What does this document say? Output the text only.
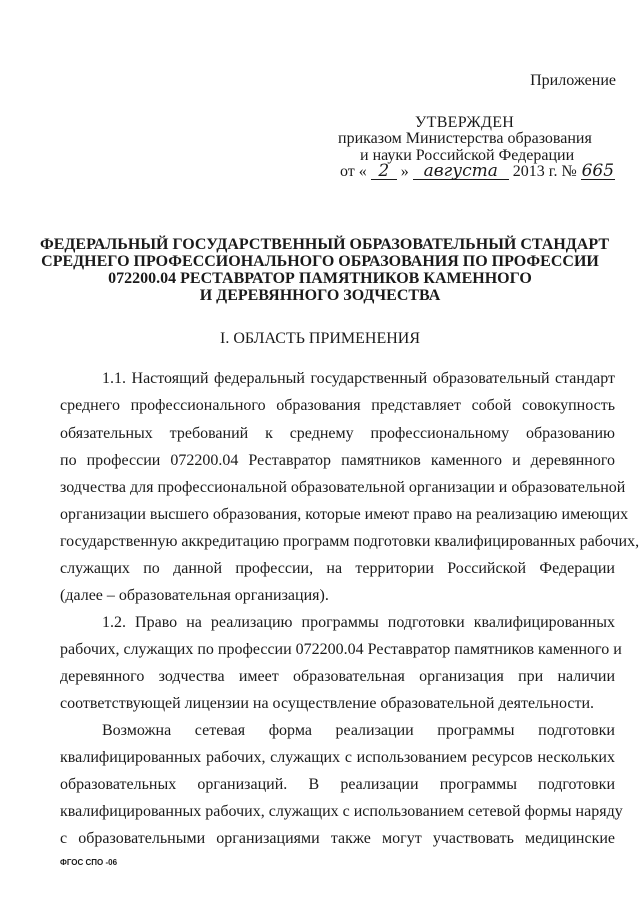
Приложение
УТВЕРЖДЕН
приказом Министерства образования
и науки Российской Федерации
от « 2 » августа 2013 г. № 665
ФЕДЕРАЛЬНЫЙ ГОСУДАРСТВЕННЫЙ ОБРАЗОВАТЕЛЬНЫЙ СТАНДАРТ
СРЕДНЕГО ПРОФЕССИОНАЛЬНОГО ОБРАЗОВАНИЯ ПО ПРОФЕССИИ
072200.04 РЕСТАВРАТОР ПАМЯТНИКОВ КАМЕННОГО
И ДЕРЕВЯННОГО ЗОДЧЕСТВА
I. ОБЛАСТЬ ПРИМЕНЕНИЯ
1.1. Настоящий федеральный государственный образовательный стандарт
среднего профессионального образования представляет собой совокупность
обязательных требований к среднему профессиональному образованию
по профессии 072200.04 Реставратор памятников каменного и деревянного
зодчества для профессиональной образовательной организации и образовательной
организации высшего образования, которые имеют право на реализацию имеющих
государственную аккредитацию программ подготовки квалифицированных рабочих,
служащих по данной профессии, на территории Российской Федерации
(далее – образовательная организация).
1.2. Право на реализацию программы подготовки квалифицированных
рабочих, служащих по профессии 072200.04 Реставратор памятников каменного и
деревянного зодчества имеет образовательная организация при наличии
соответствующей лицензии на осуществление образовательной деятельности.
Возможна сетевая форма реализации программы подготовки
квалифицированных рабочих, служащих с использованием ресурсов нескольких
образовательных организаций. В реализации программы подготовки
квалифицированных рабочих, служащих с использованием сетевой формы наряду
с образовательными организациями также могут участвовать медицинские
ФГОС СПО -06
